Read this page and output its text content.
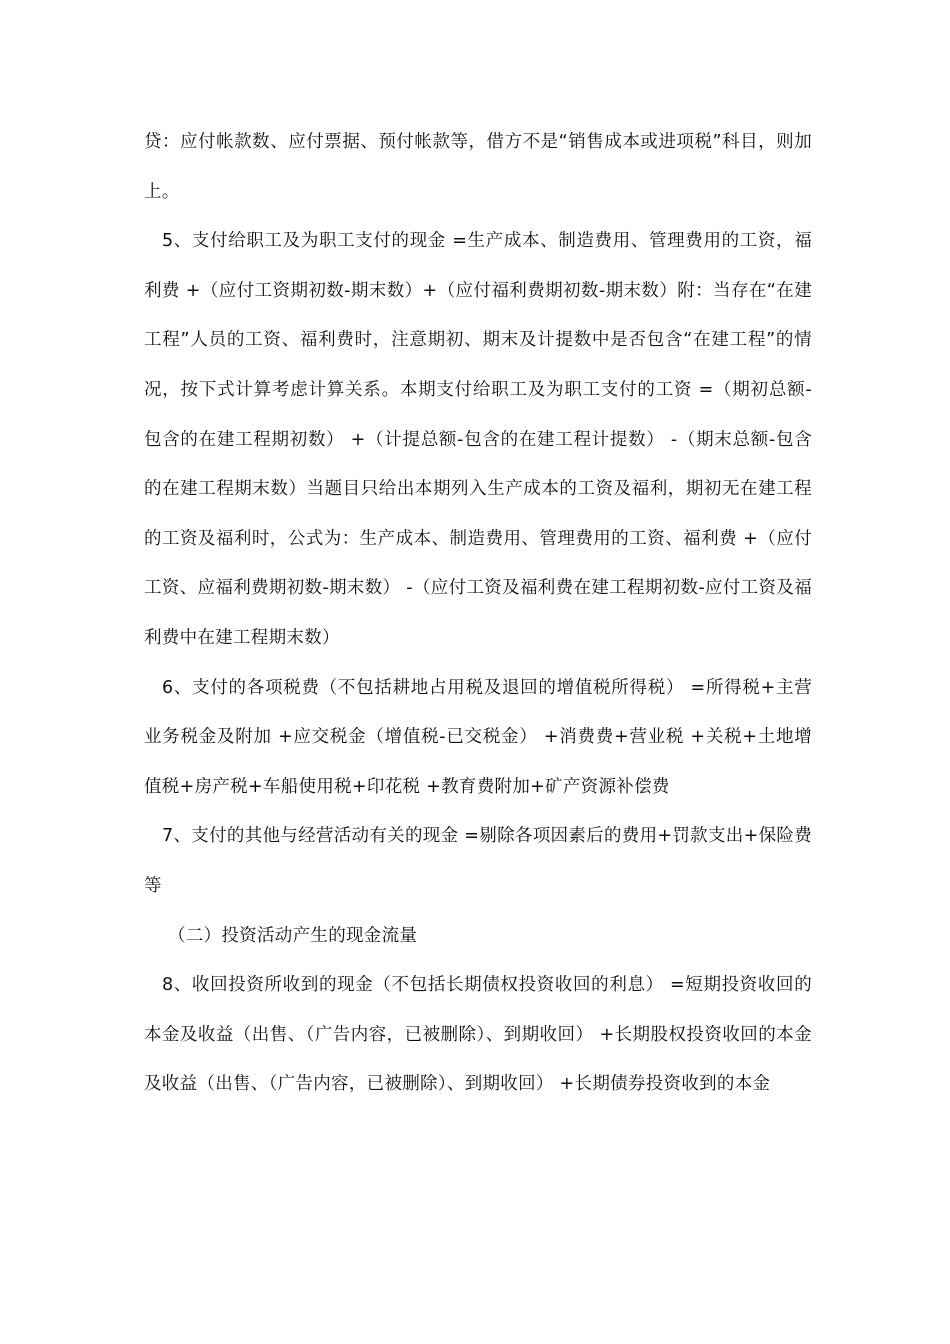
贷：应付帐款数、应付票据、预付帐款等，借方不是“销售成本或进项税”科目，则加上。

5、支付给职工及为职工支付的现金 =生产成本、制造费用、管理费用的工资，福利费 +（应付工资期初数-期末数）+（应付福利费期初数-期末数）附：当存在“在建工程”人员的工资、福利费时，注意期初、期末及计提数中是否包含“在建工程”的情况，按下式计算考虑计算关系。本期支付给职工及为职工支付的工资 =（期初总额-包含的在建工程期初数） +（计提总额-包含的在建工程计提数） -（期末总额-包含的在建工程期末数）当题目只给出本期列入生产成本的工资及福利，期初无在建工程的工资及福利时，公式为：生产成本、制造费用、管理费用的工资、福利费 +（应付工资、应福利费期初数-期末数） -（应付工资及福利费在建工程期初数-应付工资及福利费中在建工程期末数）

6、支付的各项税费（不包括耕地占用税及退回的增值税所得税） =所得税+主营业务税金及附加 +应交税金（增值税-已交税金） +消费费+营业税 +关税+土地增值税+房产税+车船使用税+印花税 +教育费附加+矿产资源补偿费

7、支付的其他与经营活动有关的现金 =剔除各项因素后的费用+罚款支出+保险费等

（二）投资活动产生的现金流量

8、收回投资所收到的现金（不包括长期债权投资收回的利息） =短期投资收回的本金及收益（出售、（广告内容，已被删除）、到期收回） +长期股权投资收回的本金及收益（出售、（广告内容，已被删除）、到期收回） +长期债券投资收到的本金
